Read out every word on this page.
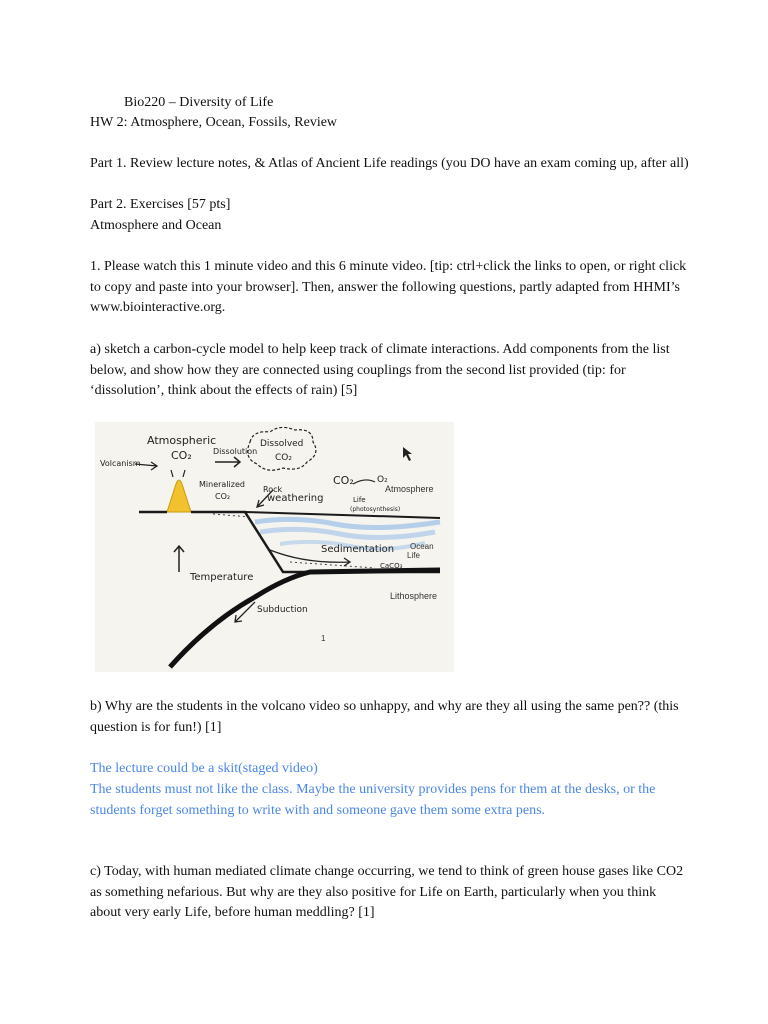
Bio220 – Diversity of Life

HW 2: Atmosphere, Ocean, Fossils, Review

Part 1. Review lecture notes, & Atlas of Ancient Life readings (you DO have an exam coming up, after all)

Part 2. Exercises [57 pts]

Atmosphere and Ocean

1. Please watch this 1 minute video and this 6 minute video. [tip: ctrl+click the links to open, or right click to copy and paste into your browser]. Then, answer the following questions, partly adapted from HHMI’s www.biointeractive.org.

a) sketch a carbon-cycle model to help keep track of climate interactions. Add components from the list below, and show how they are connected using couplings from the second list provided (tip: for ‘dissolution’, think about the effects of rain) [5]

Atmospheric
CO₂
Volcanism
Dissolution
Dissolved
CO₂
Mineralized
CO₂
Rock
weathering
CO₂	O₂
Atmosphere
Life
(photosynthesis)
Sedimentation Ocean
Life
CaCO₃
Temperature
Subduction
Lithosphere
1

b) Why are the students in the volcano video so unhappy, and why are they all using the same pen?? (this question is for fun!) [1]

The lecture could be a skit(staged video)

The students must not like the class. Maybe the university provides pens for them at the desks, or the students forget something to write with and someone gave them some extra pens.

c) Today, with human mediated climate change occurring, we tend to think of green house gases like CO2 as something nefarious. But why are they also positive for Life on Earth, particularly when you think about very early Life, before human meddling? [1]
